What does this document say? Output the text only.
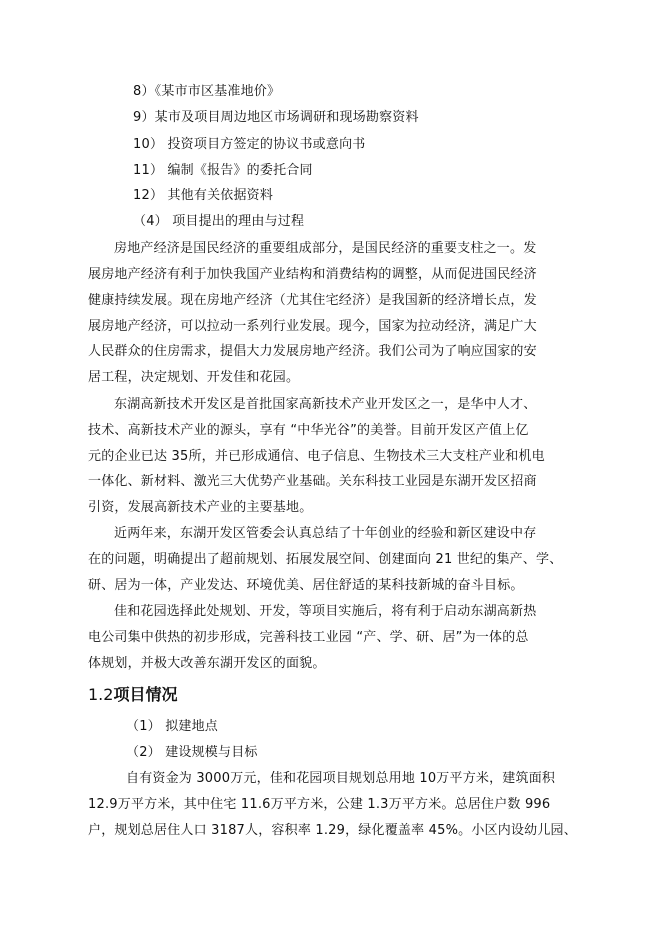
8）《某市市区基准地价》
9）某市及项目周边地区市场调研和现场勘察资料
10） 投资项目方签定的协议书或意向书
11） 编制《报告》的委托合同
12） 其他有关依据资料
（4） 项目提出的理由与过程
房地产经济是国民经济的重要组成部分，是国民经济的重要支柱之一。发
展房地产经济有利于加快我国产业结构和消费结构的调整，从而促进国民经济
健康持续发展。现在房地产经济（尤其住宅经济）是我国新的经济增长点，发
展房地产经济，可以拉动一系列行业发展。现今，国家为拉动经济，满足广大
人民群众的住房需求，提倡大力发展房地产经济。我们公司为了响应国家的安
居工程，决定规划、开发佳和花园。
东湖高新技术开发区是首批国家高新技术产业开发区之一，是华中人才、
技术、高新技术产业的源头，享有 “中华光谷”的美誉。目前开发区产值上亿
元的企业已达 35所，并已形成通信、电子信息、生物技术三大支柱产业和机电
一体化、新材料、激光三大优势产业基础。关东科技工业园是东湖开发区招商
引资，发展高新技术产业的主要基地。
近两年来，东湖开发区管委会认真总结了十年创业的经验和新区建设中存
在的问题，明确提出了超前规划、拓展发展空间、创建面向 21 世纪的集产、学、
研、居为一体，产业发达、环境优美、居住舒适的某科技新城的奋斗目标。
佳和花园选择此处规划、开发，等项目实施后，将有利于启动东湖高新热
电公司集中供热的初步形成，完善科技工业园 “产、学、研、居”为一体的总
体规划，并极大改善东湖开发区的面貌。
1.2项目情况
（1） 拟建地点
（2） 建设规模与目标
自有资金为 3000万元，佳和花园项目规划总用地 10万平方米，建筑面积
12.9万平方米，其中住宅 11.6万平方米，公建 1.3万平方米。总居住户数 996
户，规划总居住人口 3187人，容积率 1.29，绿化覆盖率 45%。小区内设幼儿园、
